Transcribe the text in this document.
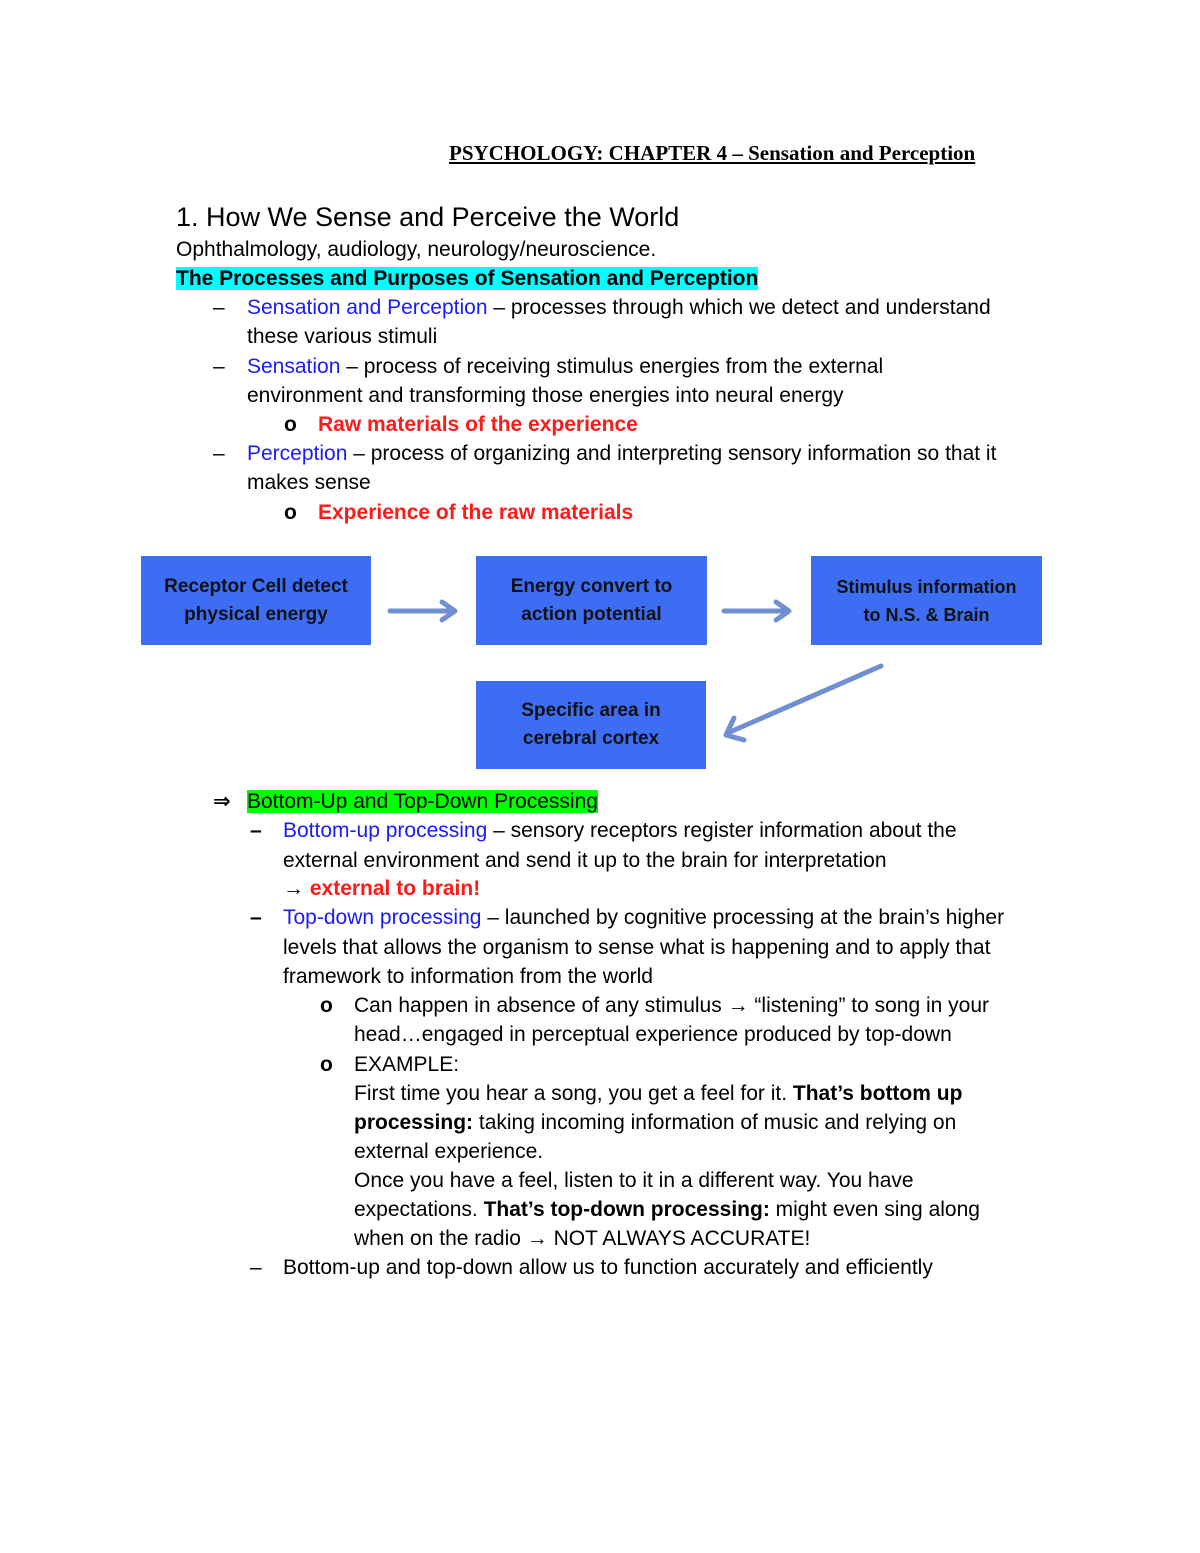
PSYCHOLOGY: CHAPTER 4 – Sensation and Perception
1. How We Sense and Perceive the World
Ophthalmology, audiology, neurology/neuroscience.
The Processes and Purposes of Sensation and Perception
– Sensation and Perception – processes through which we detect and understand
these various stimuli
– Sensation – process of receiving stimulus energies from the external
environment and transforming those energies into neural energy
o Raw materials of the experience
– Perception – process of organizing and interpreting sensory information so that it
makes sense
o Experience of the raw materials
Receptor Cell detect
physical energy
Energy convert to
action potential
Stimulus information
to N.S. & Brain
Specific area in
cerebral cortex
⇒ Bottom-Up and Top-Down Processing
– Bottom-up processing – sensory receptors register information about the
external environment and send it up to the brain for interpretation
→ external to brain!
– Top-down processing – launched by cognitive processing at the brain’s higher
levels that allows the organism to sense what is happening and to apply that
framework to information from the world
o Can happen in absence of any stimulus → “listening” to song in your
head…engaged in perceptual experience produced by top-down
o EXAMPLE:
First time you hear a song, you get a feel for it. That’s bottom up
processing: taking incoming information of music and relying on
external experience.
Once you have a feel, listen to it in a different way. You have
expectations. That’s top-down processing: might even sing along
when on the radio → NOT ALWAYS ACCURATE!
– Bottom-up and top-down allow us to function accurately and efficiently
